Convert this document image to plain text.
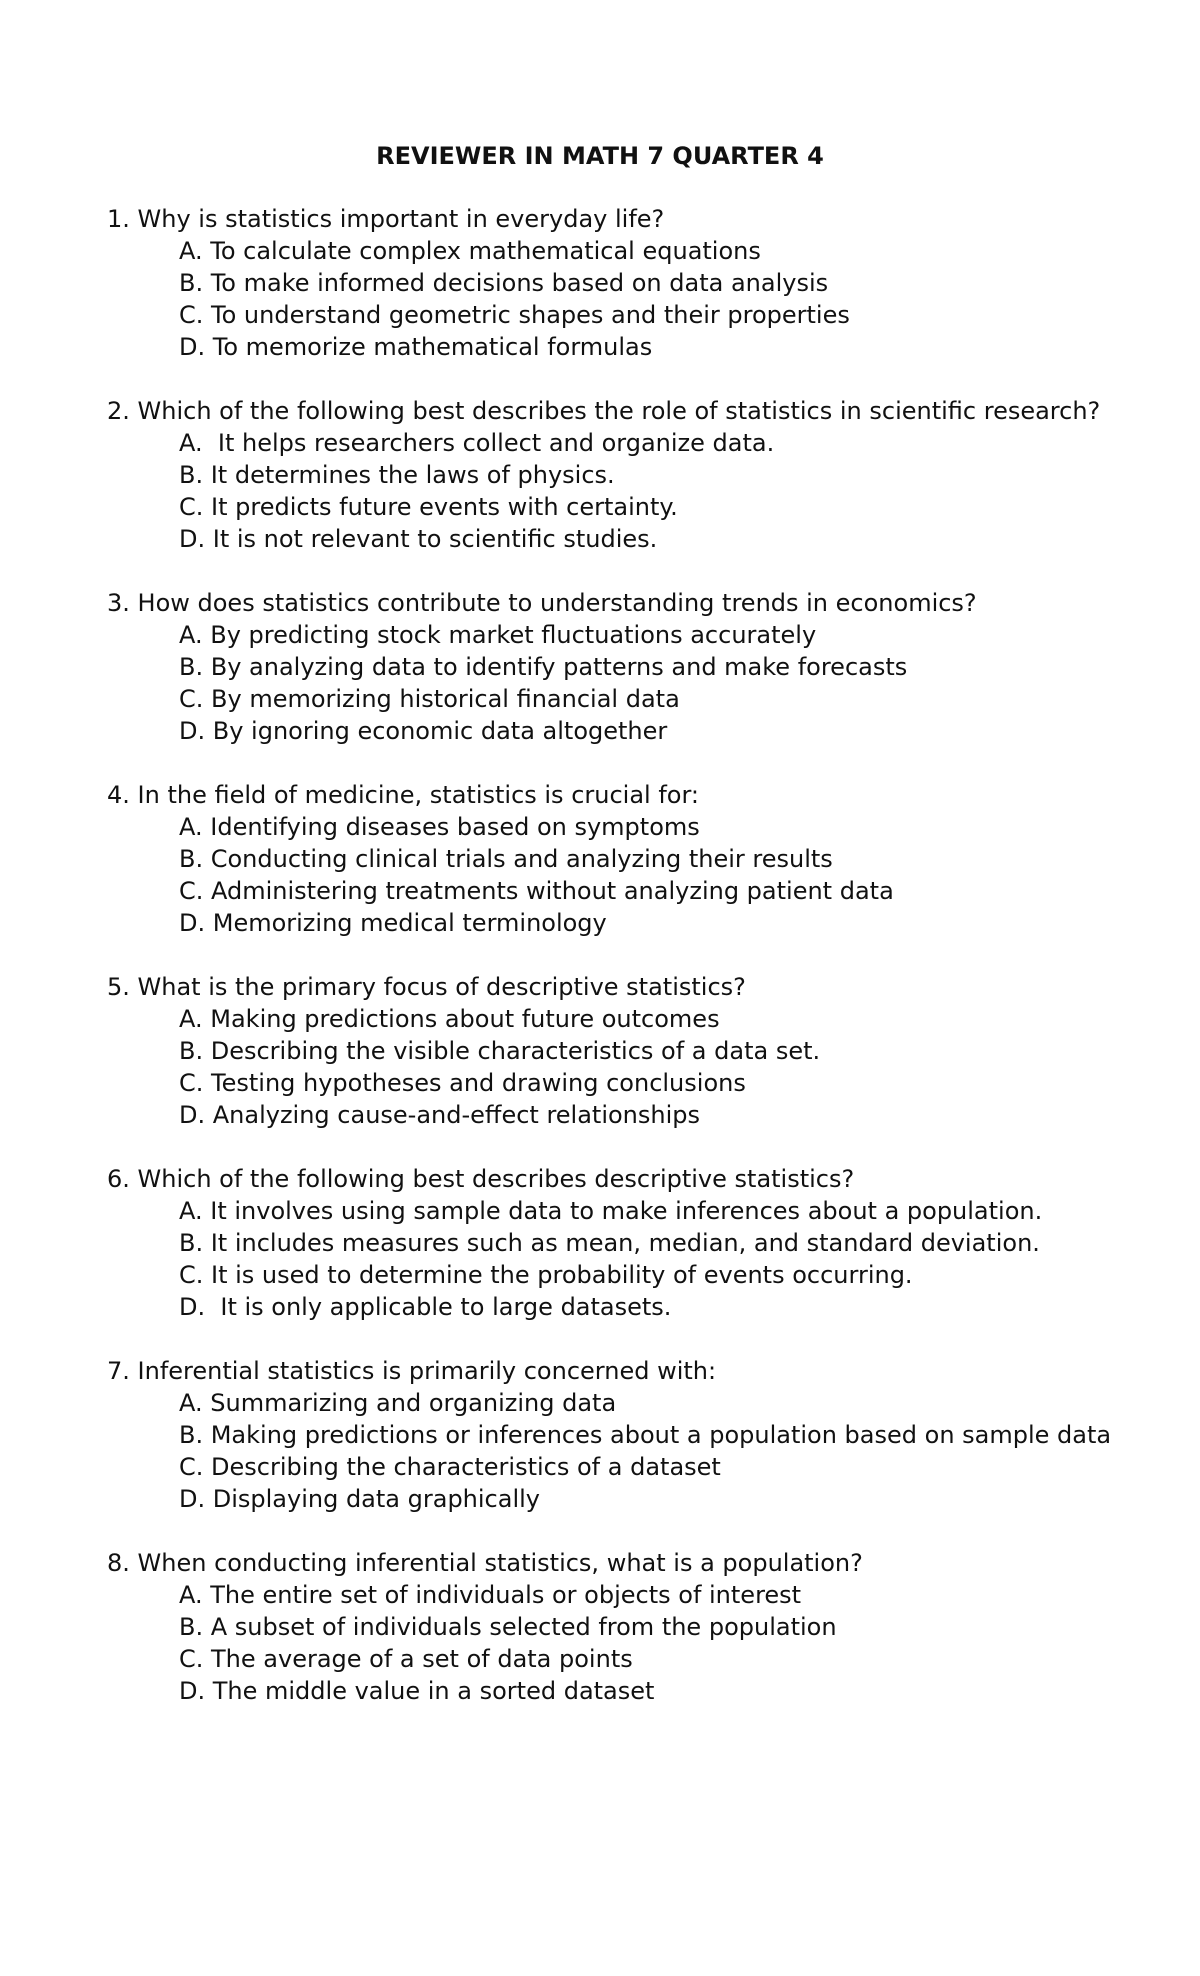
REVIEWER IN MATH 7 QUARTER 4
1. Why is statistics important in everyday life?
A. To calculate complex mathematical equations
B. To make informed decisions based on data analysis
C. To understand geometric shapes and their properties
D. To memorize mathematical formulas
2. Which of the following best describes the role of statistics in scientific research?
A.  It helps researchers collect and organize data.
B. It determines the laws of physics.
C. It predicts future events with certainty.
D. It is not relevant to scientific studies.
3. How does statistics contribute to understanding trends in economics?
A. By predicting stock market fluctuations accurately
B. By analyzing data to identify patterns and make forecasts
C. By memorizing historical financial data
D. By ignoring economic data altogether
4. In the field of medicine, statistics is crucial for:
A. Identifying diseases based on symptoms
B. Conducting clinical trials and analyzing their results
C. Administering treatments without analyzing patient data
D. Memorizing medical terminology
5. What is the primary focus of descriptive statistics?
A. Making predictions about future outcomes
B. Describing the visible characteristics of a data set.
C. Testing hypotheses and drawing conclusions
D. Analyzing cause-and-effect relationships
6. Which of the following best describes descriptive statistics?
A. It involves using sample data to make inferences about a population.
B. It includes measures such as mean, median, and standard deviation.
C. It is used to determine the probability of events occurring.
D.  It is only applicable to large datasets.
7. Inferential statistics is primarily concerned with:
A. Summarizing and organizing data
B. Making predictions or inferences about a population based on sample data
C. Describing the characteristics of a dataset
D. Displaying data graphically
8. When conducting inferential statistics, what is a population?
A. The entire set of individuals or objects of interest
B. A subset of individuals selected from the population
C. The average of a set of data points
D. The middle value in a sorted dataset
